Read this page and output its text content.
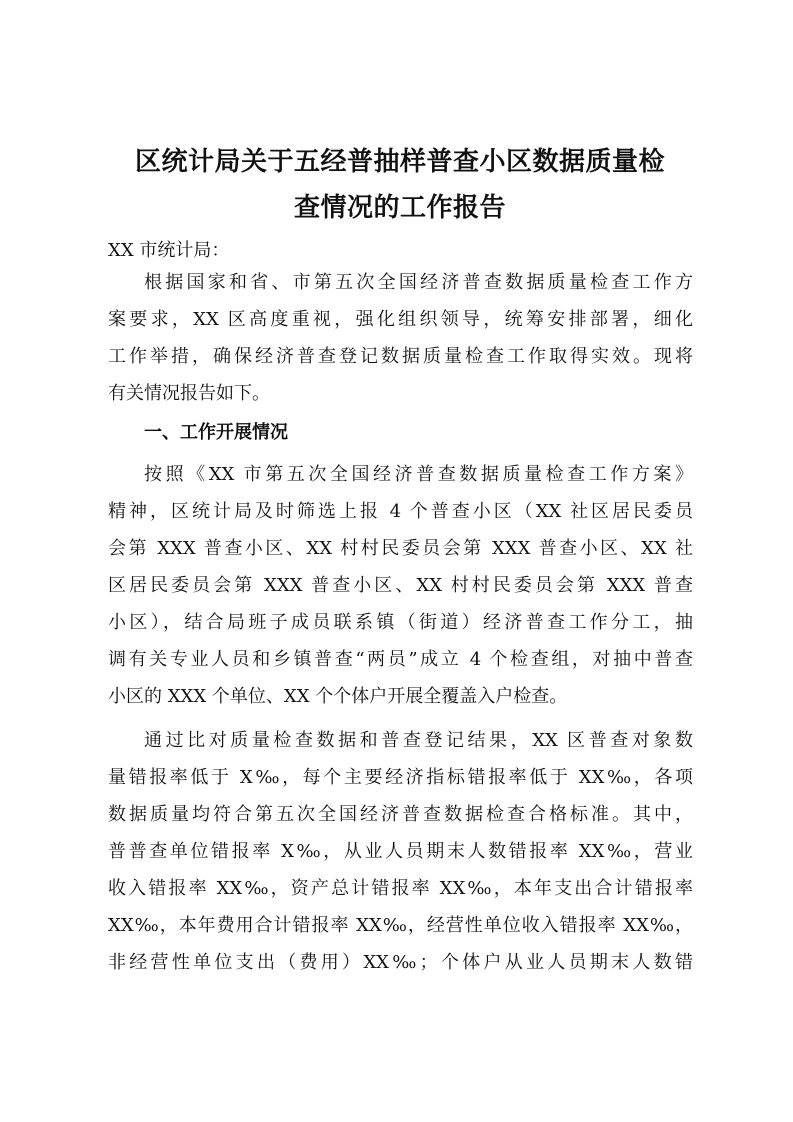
区统计局关于五经普抽样普查小区数据质量检
查情况的工作报告

XX 市统计局：

根据国家和省、市第五次全国经济普查数据质量检查工作方

案要求，XX 区高度重视，强化组织领导，统筹安排部署，细化

工作举措，确保经济普查登记数据质量检查工作取得实效。现将

有关情况报告如下。

一、工作开展情况

按照《XX 市第五次全国经济普查数据质量检查工作方案》

精神，区统计局及时筛选上报 4 个普查小区（XX 社区居民委员

会第 XXX 普查小区、XX 村村民委员会第 XXX 普查小区、XX 社

区居民委员会第 XXX 普查小区、XX 村村民委员会第 XXX 普查

小区），结合局班子成员联系镇（街道）经济普查工作分工，抽

调有关专业人员和乡镇普查“两员”成立 4 个检查组，对抽中普查

小区的 XXX 个单位、XX 个个体户开展全覆盖入户检查。

通过比对质量检查数据和普查登记结果，XX 区普查对象数

量错报率低于 X‰，每个主要经济指标错报率低于 XX‰，各项

数据质量均符合第五次全国经济普查数据检查合格标准。其中，

普普查单位错报率 X‰，从业人员期末人数错报率 XX‰，营业

收入错报率 XX‰，资产总计错报率 XX‰，本年支出合计错报率

XX‰，本年费用合计错报率 XX‰，经营性单位收入错报率 XX‰，

非经营性单位支出（费用）XX‰；个体户从业人员期末人数错
